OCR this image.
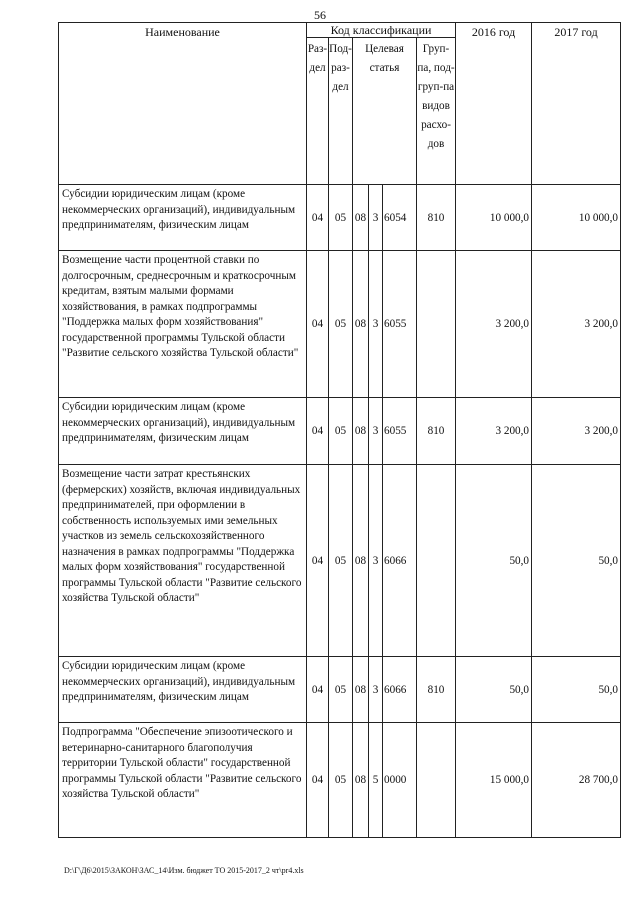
56
Наименование	Код классификации						2016 год	2017 год
	Раз-дел	Под-раз-дел	Целевая статья			Груп-па, под-груп-па видов расхо-дов		
Субсидии юридическим лицам (кроме некоммерческих организаций), индивидуальным предпринимателям, физическим лицам	04	05	08	3	6054	810	10 000,0	10 000,0
Возмещение части процентной ставки по долгосрочным, среднесрочным и краткосрочным кредитам, взятым малыми формами хозяйствования, в рамках подпрограммы "Поддержка малых форм хозяйствования" государственной программы Тульской области "Развитие сельского хозяйства Тульской области"	04	05	08	3	6055		3 200,0	3 200,0
Субсидии юридическим лицам (кроме некоммерческих организаций), индивидуальным предпринимателям, физическим лицам	04	05	08	3	6055	810	3 200,0	3 200,0
Возмещение части затрат крестьянских (фермерских) хозяйств, включая индивидуальных предпринимателей, при оформлении в собственность используемых ими земельных участков из земель сельскохозяйственного назначения в рамках подпрограммы "Поддержка малых форм хозяйствования" государственной программы Тульской области "Развитие сельского хозяйства Тульской области"	04	05	08	3	6066		50,0	50,0
Субсидии юридическим лицам (кроме некоммерческих организаций), индивидуальным предпринимателям, физическим лицам	04	05	08	3	6066	810	50,0	50,0
Подпрограмма "Обеспечение эпизоотического и ветеринарно-санитарного благополучия территории Тульской области" государственной программы Тульской области "Развитие сельского хозяйства Тульской области"	04	05	08	5	0000		15 000,0	28 700,0
D:\Г\Д6\2015\ЗАКОН\ЗАС_14\Изм. бюджет ТО 2015-2017_2 чт\pr4.xls
